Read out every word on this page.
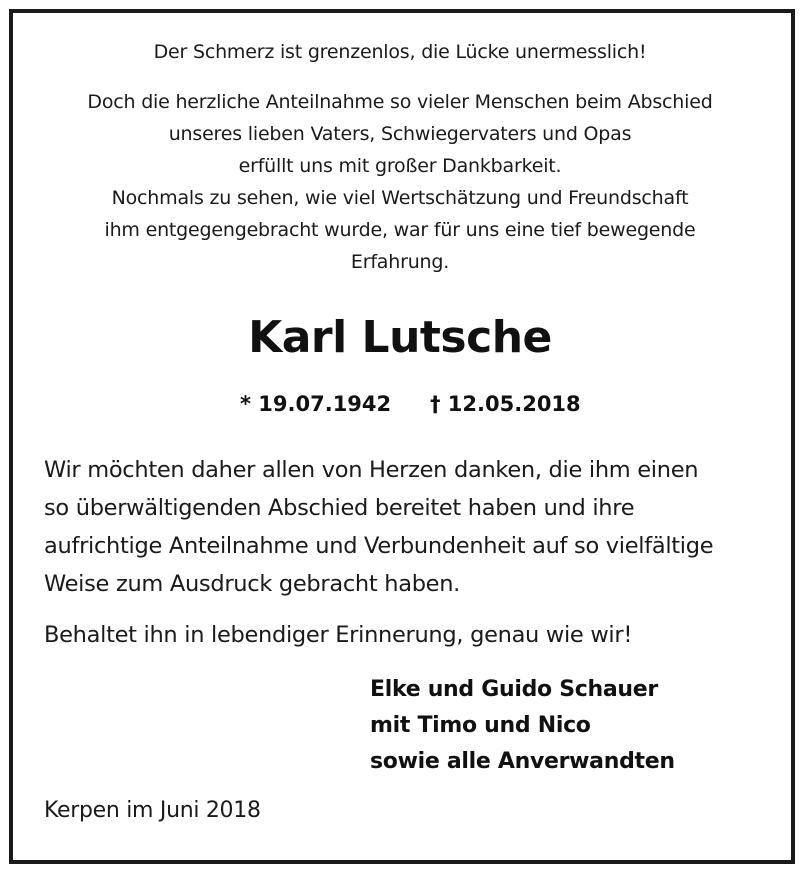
Der Schmerz ist grenzenlos, die Lücke unermesslich!

Doch die herzliche Anteilnahme so vieler Menschen beim Abschied

unseres lieben Vaters, Schwiegervaters und Opas

erfüllt uns mit großer Dankbarkeit.

Nochmals zu sehen, wie viel Wertschätzung und Freundschaft

ihm entgegengebracht wurde, war für uns eine tief bewegende

Erfahrung.

Karl Lutsche
* 19.07.1942 † 12.05.2018

Wir möchten daher allen von Herzen danken, die ihm einen

so überwältigenden Abschied bereitet haben und ihre

aufrichtige Anteilnahme und Verbundenheit auf so vielfältige

Weise zum Ausdruck gebracht haben.

Behaltet ihn in lebendiger Erinnerung, genau wie wir!

Elke und Guido Schauer
mit Timo und Nico
sowie alle Anverwandten
Kerpen im Juni 2018
